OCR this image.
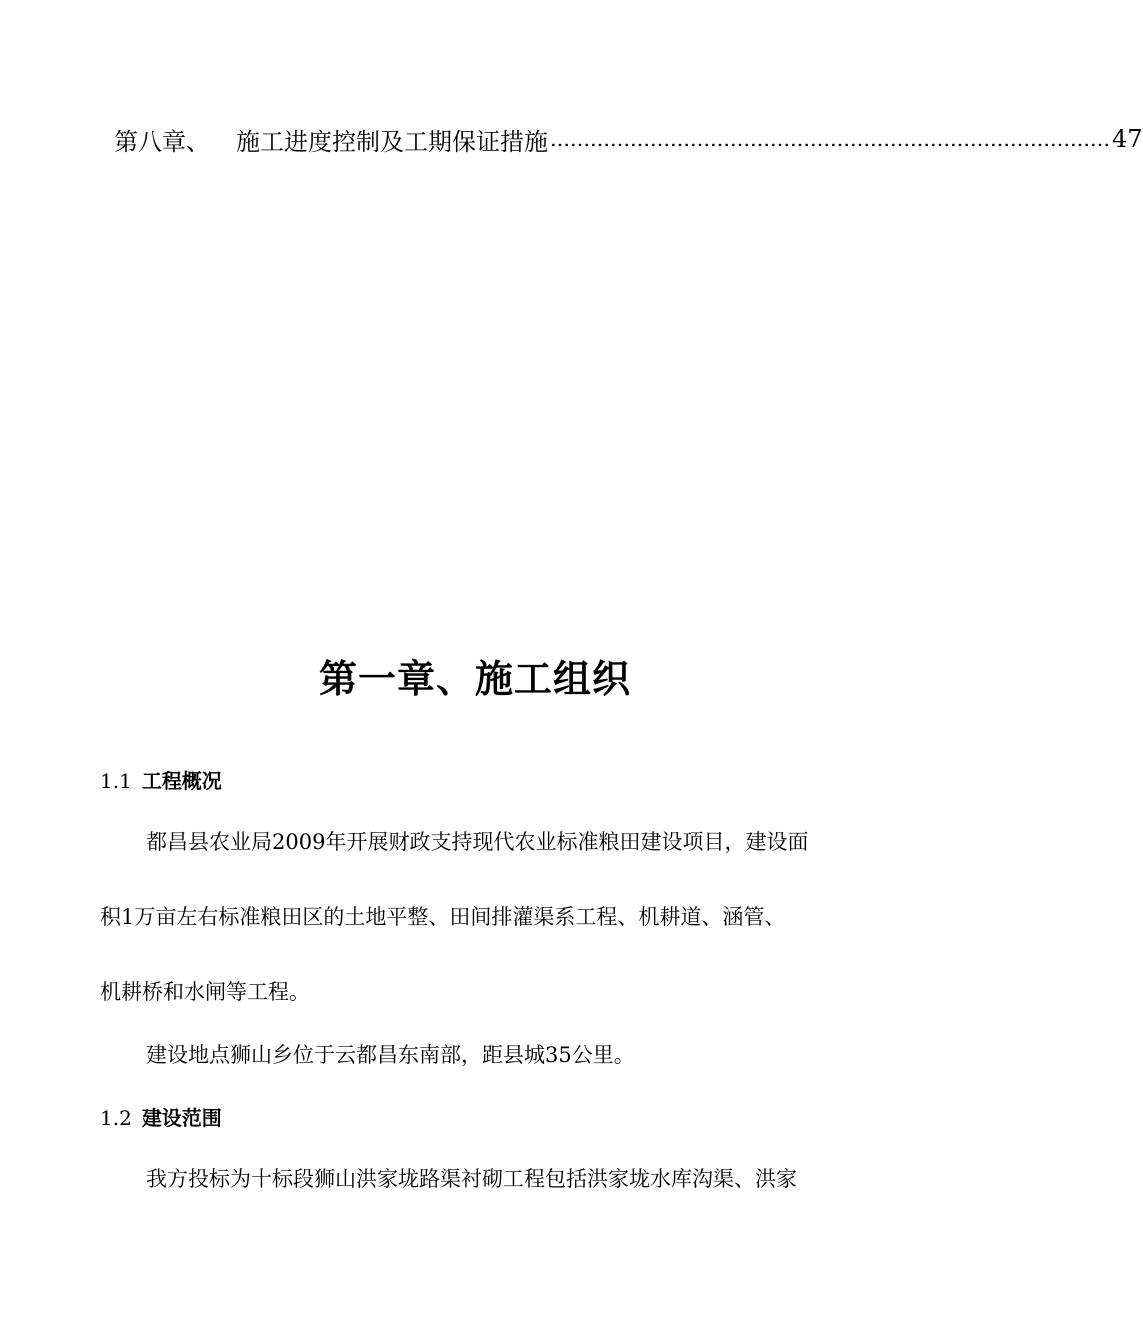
第八章、 施工进度控制及工期保证措施 ………………………………………………………………………… 47
第一章、施工组织
1.1 工程概况
都昌县农业局2009年开展财政支持现代农业标准粮田建设项目，建设面
积1万亩左右标准粮田区的土地平整、田间排灌渠系工程、机耕道、涵管、
机耕桥和水闸等工程。
建设地点狮山乡位于云都昌东南部，距县城35公里。
1.2 建设范围
我方投标为十标段狮山洪家垅路渠衬砌工程包括洪家垅水库沟渠、洪家
